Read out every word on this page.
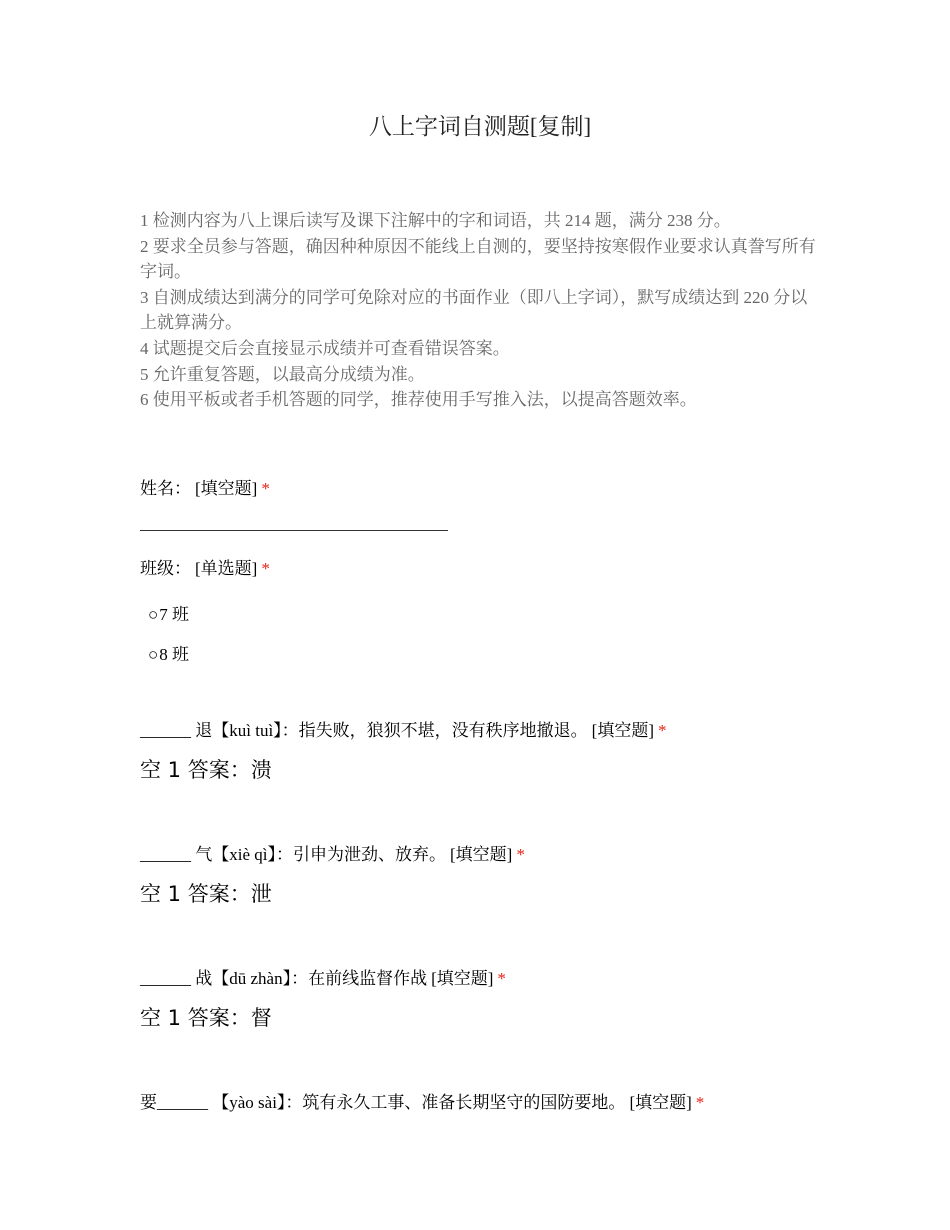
八上字词自测题[复制]

1 检测内容为八上课后读写及课下注解中的字和词语，共 214 题，满分 238 分。

2 要求全员参与答题，确因种种原因不能线上自测的，要坚持按寒假作业要求认真誊写所有字词。

3 自测成绩达到满分的同学可免除对应的书面作业（即八上字词），默写成绩达到 220 分以上就算满分。

4 试题提交后会直接显示成绩并可查看错误答案。

5 允许重复答题，以最高分成绩为准。

6 使用平板或者手机答题的同学，推荐使用手写推入法，以提高答题效率。

姓名： [填空题] *
班级： [单选题] *
○7 班
○8 班
______ 退【kuì tuì】：指失败，狼狈不堪，没有秩序地撤退。 [填空题] *
空 1 答案：溃
______ 气【xiè qì】：引申为泄劲、放弃。 [填空题] *
空 1 答案：泄
______ 战【dū zhàn】：在前线监督作战 [填空题] *
空 1 答案：督
要______ 【yào sài】：筑有永久工事、准备长期坚守的国防要地。 [填空题] *
